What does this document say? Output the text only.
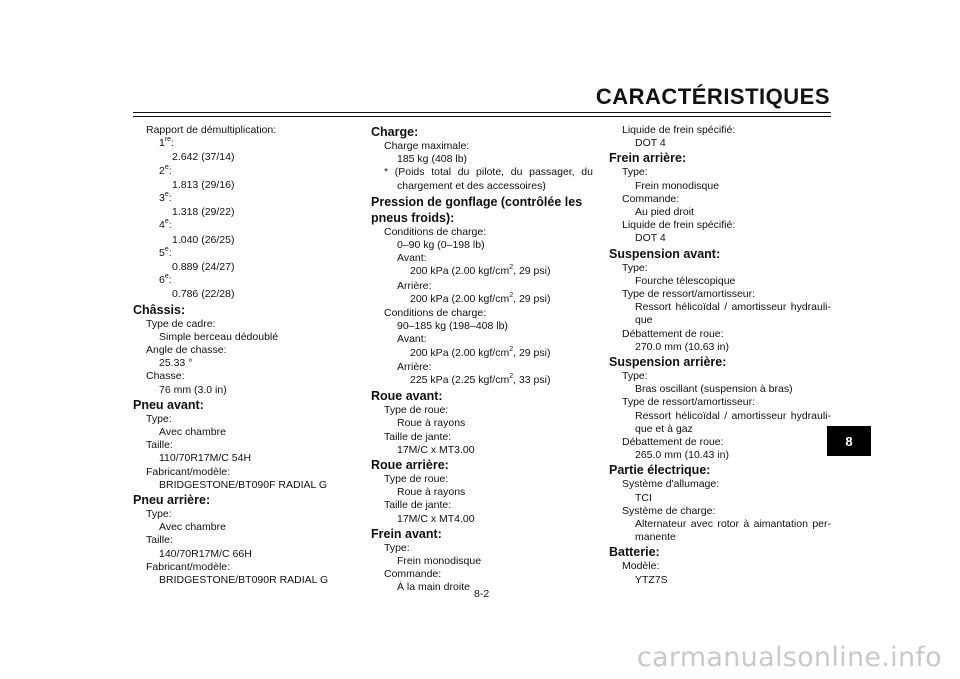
CARACTÉRISTIQUES
Rapport de démultiplication:
1re:
2.642 (37/14)
2e:
1.813 (29/16)
3e:
1.318 (29/22)
4e:
1.040 (26/25)
5e:
0.889 (24/27)
6e:
0.786 (22/28)
Châssis:
Type de cadre:
Simple berceau dédoublé
Angle de chasse:
25.33 °
Chasse:
76 mm (3.0 in)
Pneu avant:
Type:
Avec chambre
Taille:
110/70R17M/C 54H
Fabricant/modèle:
BRIDGESTONE/BT090F RADIAL G
Pneu arrière:
Type:
Avec chambre
Taille:
140/70R17M/C 66H
Fabricant/modèle:
BRIDGESTONE/BT090R RADIAL G
Charge:
Charge maximale:
185 kg (408 lb)
* (Poids total du pilote, du passager, du chargement et des accessoires)
Pression de gonflage (contrôlée les pneus froids):
Conditions de charge:
0–90 kg (0–198 lb)
Avant:
200 kPa (2.00 kgf/$cm^2$, 29 psi)
Arrière:
200 kPa (2.00 kgf/$cm^2$, 29 psi)
Conditions de charge:
90–185 kg (198–408 lb)
Avant:
200 kPa (2.00 kgf/$cm^2$, 29 psi)
Arrière:
225 kPa (2.25 kgf/$cm^2$, 33 psi)
Roue avant:
Type de roue:
Roue à rayons
Taille de jante:
17M/C x MT3.00
Roue arrière:
Type de roue:
Roue à rayons
Taille de jante:
17M/C x MT4.00
Frein avant:
Type:
Frein monodisque
Commande:
À la main droite
Liquide de frein spécifié:
DOT 4
Frein arrière:
Type:
Frein monodisque
Commande:
Au pied droit
Liquide de frein spécifié:
DOT 4
Suspension avant:
Type:
Fourche télescopique
Type de ressort/amortisseur:
Ressort hélicoïdal / amortisseur hydrauli- que
Débattement de roue:
270.0 mm (10.63 in)
Suspension arrière:
Type:
Bras oscillant (suspension à bras)
Type de ressort/amortisseur:
Ressort hélicoïdal / amortisseur hydrauli- que et à gaz
Débattement de roue:
265.0 mm (10.43 in)
Partie électrique:
Système d'allumage:
TCI
Système de charge:
Alternateur avec rotor à aimantation per- manente
Batterie:
Modèle:
YTZ7S
8-2
8
carmanualsonline.info
